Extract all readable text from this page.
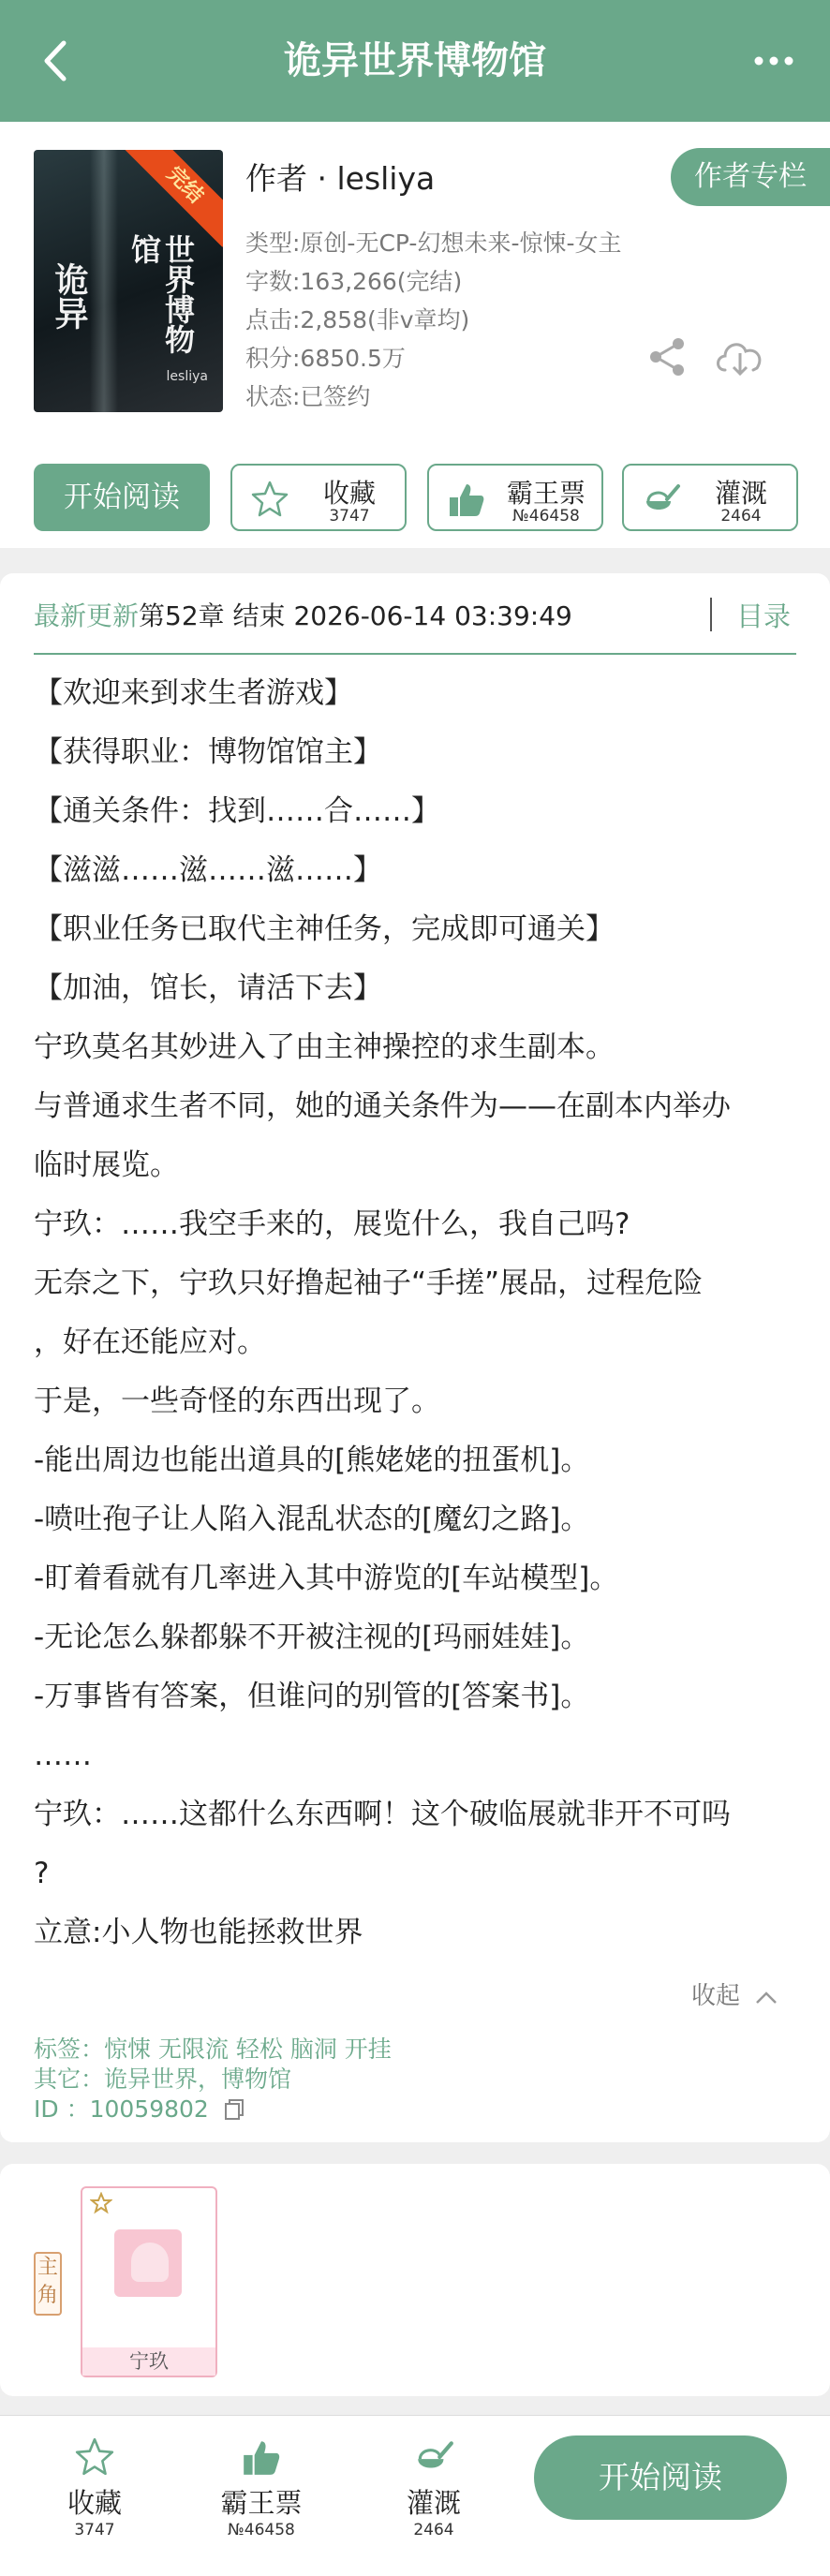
诡异世界博物馆
完结
诡异	世界博物馆
lesliya
作者 · lesliya	作者专栏
类型:原创-无CP-幻想未来-惊悚-女主
字数:163,266(完结)
点击:2,858(非v章均)
积分:6850.5万
状态:已签约
开始阅读	收藏
3747
霸王票
№46458
灌溉
2464
最新更新第52章 结束 2026-06-14 03:39:49	目录
【欢迎来到求生者游戏】
【获得职业：博物馆馆主】
【通关条件：找到……合……】
【滋滋……滋……滋……】
【职业任务已取代主神任务，完成即可通关】
【加油，馆长，请活下去】
宁玖莫名其妙进入了由主神操控的求生副本。
与普通求生者不同，她的通关条件为——在副本内举办
临时展览。
宁玖：……我空手来的，展览什么，我自己吗?
无奈之下，宁玖只好撸起袖子“手搓”展品，过程危险
，好在还能应对。
于是，一些奇怪的东西出现了。
-能出周边也能出道具的[熊姥姥的扭蛋机]。
-喷吐孢子让人陷入混乱状态的[魔幻之路]。
-盯着看就有几率进入其中游览的[车站模型]。
-无论怎么躲都躲不开被注视的[玛丽娃娃]。
-万事皆有答案，但谁问的别管的[答案书]。
……
宁玖：……这都什么东西啊！这个破临展就非开不可吗
?
立意:小人物也能拯救世界
收起
标签：惊悚 无限流 轻松 脑洞 开挂
其它：诡异世界，博物馆
ID ：10059802
主角
宁玖
收藏
3747
霸王票
№46458
灌溉
2464
开始阅读
